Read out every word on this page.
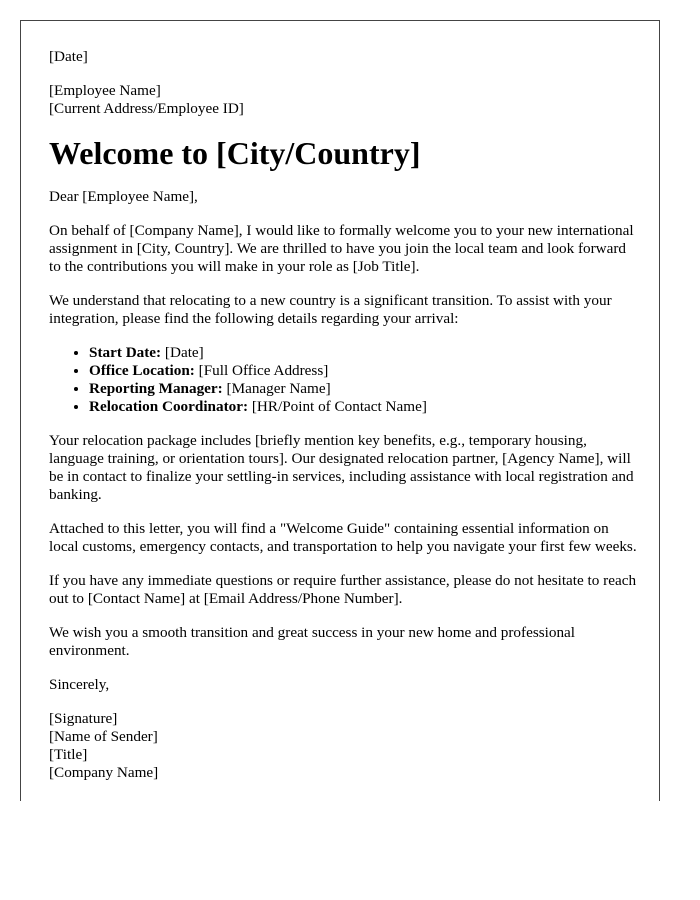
[Date]

[Employee Name]
[Current Address/Employee ID]

Welcome to [City/Country]

Dear [Employee Name],

On behalf of [Company Name], I would like to formally welcome you to your new international assignment in [City, Country]. We are thrilled to have you join the local team and look forward to the contributions you will make in your role as [Job Title].

We understand that relocating to a new country is a significant transition. To assist with your integration, please find the following details regarding your arrival:

• Start Date: [Date]
• Office Location: [Full Office Address]
• Reporting Manager: [Manager Name]
• Relocation Coordinator: [HR/Point of Contact Name]

Your relocation package includes [briefly mention key benefits, e.g., temporary housing, language training, or orientation tours]. Our designated relocation partner, [Agency Name], will be in contact to finalize your settling-in services, including assistance with local registration and banking.

Attached to this letter, you will find a "Welcome Guide" containing essential information on local customs, emergency contacts, and transportation to help you navigate your first few weeks.

If you have any immediate questions or require further assistance, please do not hesitate to reach out to [Contact Name] at [Email Address/Phone Number].

We wish you a smooth transition and great success in your new home and professional environment.

Sincerely,

[Signature]
[Name of Sender]
[Title]
[Company Name]
